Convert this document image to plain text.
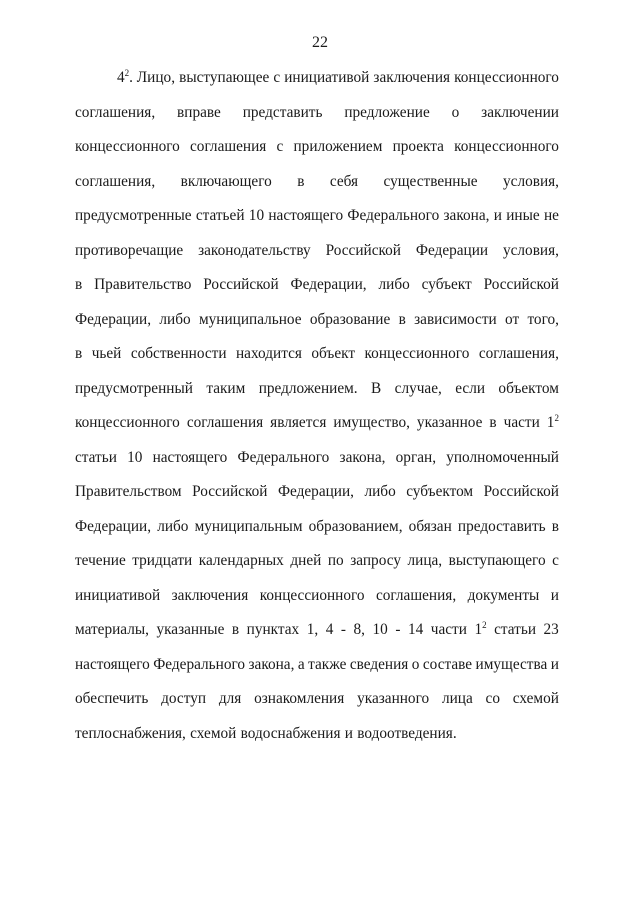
22
$4^2$. Лицо, выступающее с инициативой заключения концессионного
соглашения, вправе представить предложение о заключении
концессионного соглашения с приложением проекта концессионного
соглашения, включающего в себя существенные условия,
предусмотренные статьей 10 настоящего Федерального закона, и иные не
противоречащие законодательству Российской Федерации условия,
в Правительство Российской Федерации, либо субъект Российской
Федерации, либо муниципальное образование в зависимости от того,
в чьей собственности находится объект концессионного соглашения,
предусмотренный таким предложением. В случае, если объектом
концессионного соглашения является имущество, указанное в части $1^2$
статьи 10 настоящего Федерального закона, орган, уполномоченный
Правительством Российской Федерации, либо субъектом Российской
Федерации, либо муниципальным образованием, обязан предоставить в
течение тридцати календарных дней по запросу лица, выступающего с
инициативой заключения концессионного соглашения, документы и
материалы, указанные в пунктах 1, 4 - 8, 10 - 14 части $1^2$ статьи 23
настоящего Федерального закона, а также сведения о составе имущества и
обеспечить доступ для ознакомления указанного лица со схемой
теплоснабжения, схемой водоснабжения и водоотведения.
